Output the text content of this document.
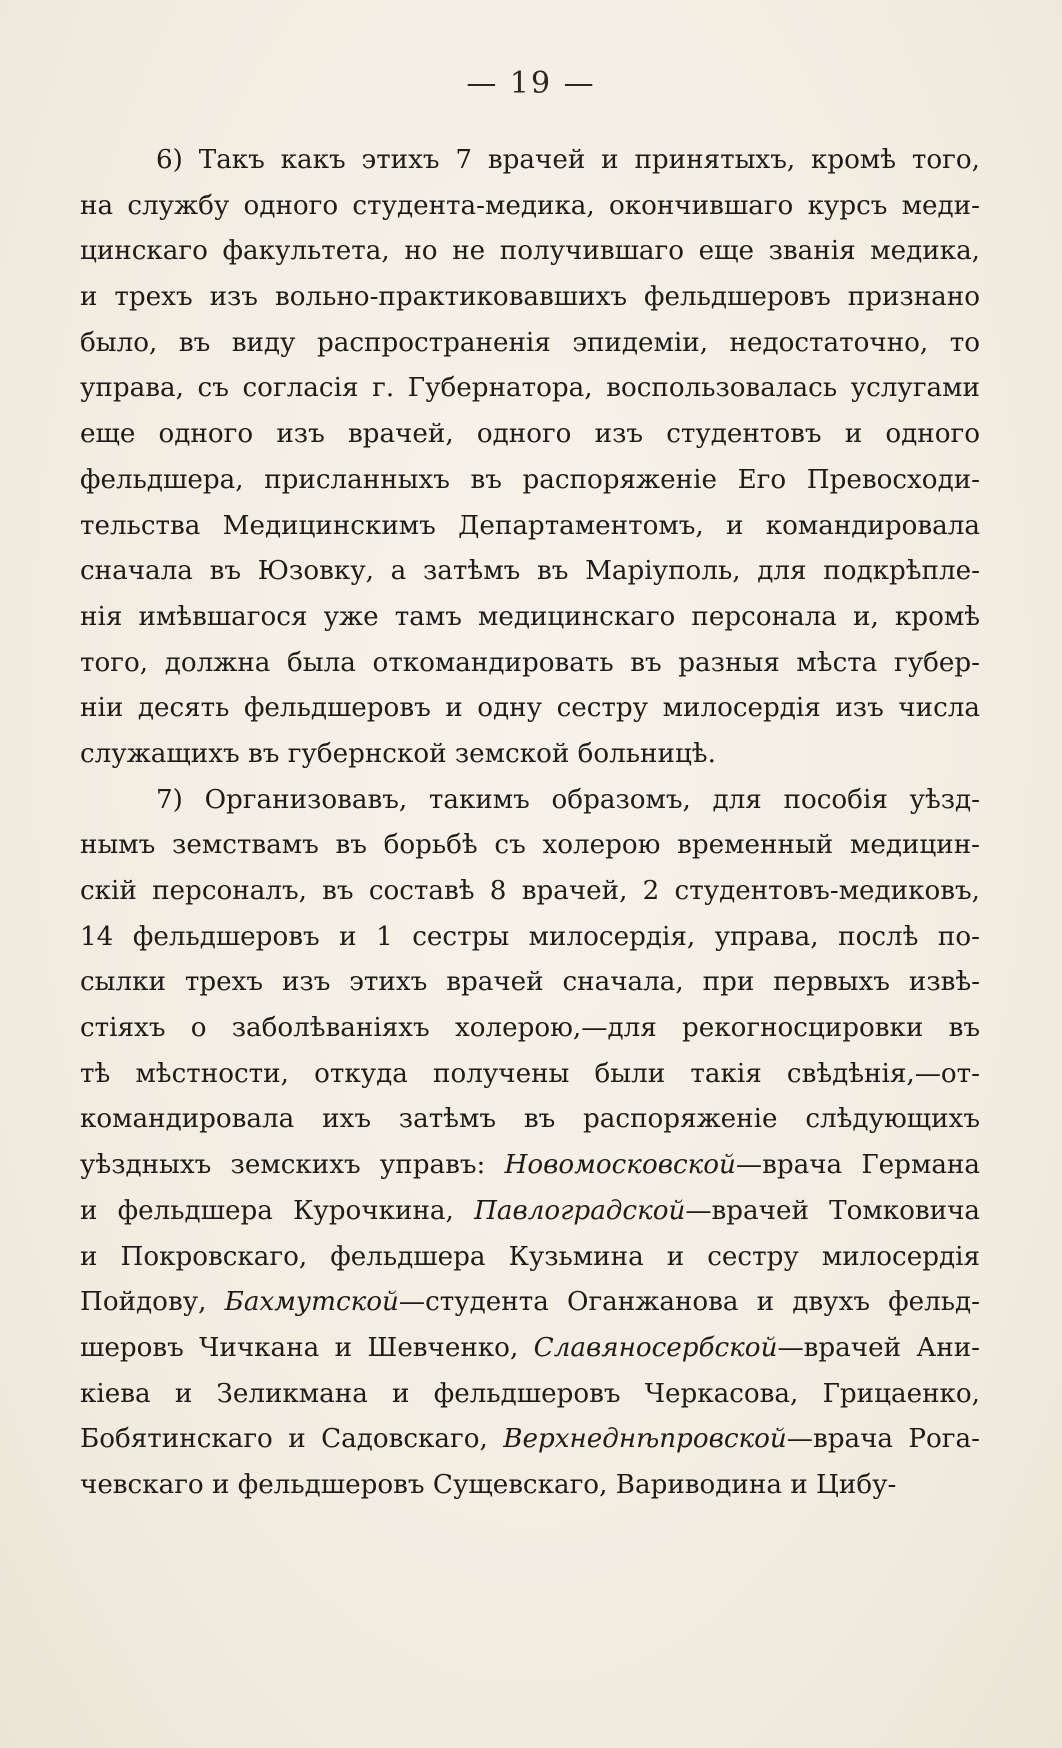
— 19 —
6) Такъ какъ этихъ 7 врачей и принятыхъ, кромѣ того,
на службу одного студента-медика, окончившаго курсъ меди-
цинскаго факультета, но не получившаго еще званія медика,
и трехъ изъ вольно-практиковавшихъ фельдшеровъ признано
было, въ виду распространенія эпидеміи, недостаточно, то
управа, съ согласія г. Губернатора, воспользовалась услугами
еще одного изъ врачей, одного изъ студентовъ и одного
фельдшера, присланныхъ въ распоряженіе Его Превосходи-
тельства Медицинскимъ Департаментомъ, и командировала
сначала въ Юзовку, а затѣмъ въ Маріуполь, для подкрѣпле-
нія имѣвшагося уже тамъ медицинскаго персонала и, кромѣ
того, должна была откомандировать въ разныя мѣста губер-
ніи десять фельдшеровъ и одну сестру милосердія изъ числа
служащихъ въ губернской земской больницѣ.
7) Организовавъ, такимъ образомъ, для пособія уѣзд-
нымъ земствамъ въ борьбѣ съ холерою временный медицин-
скій персоналъ, въ составѣ 8 врачей, 2 студентовъ-медиковъ,
14 фельдшеровъ и 1 сестры милосердія, управа, послѣ по-
сылки трехъ изъ этихъ врачей сначала, при первыхъ извѣ-
стіяхъ о заболѣваніяхъ холерою,—для рекогносцировки въ
тѣ мѣстности, откуда получены были такія свѣдѣнія,—от-
командировала ихъ затѣмъ въ распоряженіе слѣдующихъ
уѣздныхъ земскихъ управъ: Новомосковской—врача Германа
и фельдшера Курочкина, Павлоградской—врачей Томковича
и Покровскаго, фельдшера Кузьмина и сестру милосердія
Пойдову, Бахмутской—студента Оганжанова и двухъ фельд-
шеровъ Чичкана и Шевченко, Славяносербской—врачей Ани-
кіева и Зеликмана и фельдшеровъ Черкасова, Грицаенко,
Бобятинскаго и Садовскаго, Верхнеднѣпровской—врача Рога-
чевскаго и фельдшеровъ Сущевскаго, Вариводина и Цибу-
